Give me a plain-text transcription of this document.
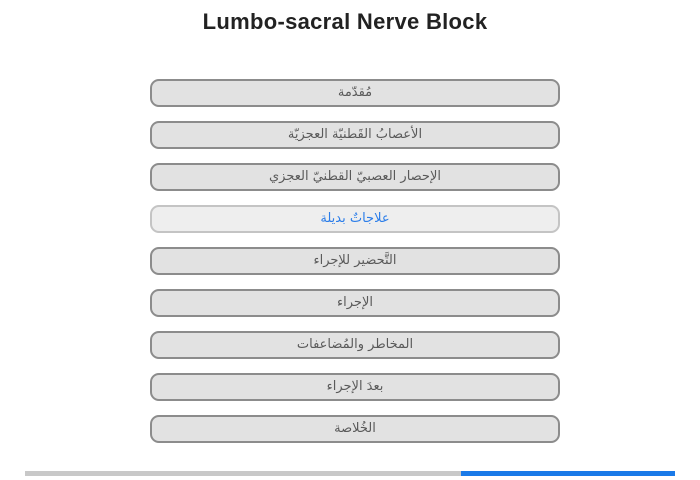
Lumbo-sacral Nerve Block
مُقدّمة
الأعصابُ القَطنيّة العجزيّة
الإحصار العصبيّ القطنيّ العجزي
علاجاتٌ بديلة
التَّحضير للإجراء
الإجراء
المخاطر والمُضاعفات
بعدَ الإجراء
الخُلاصة
